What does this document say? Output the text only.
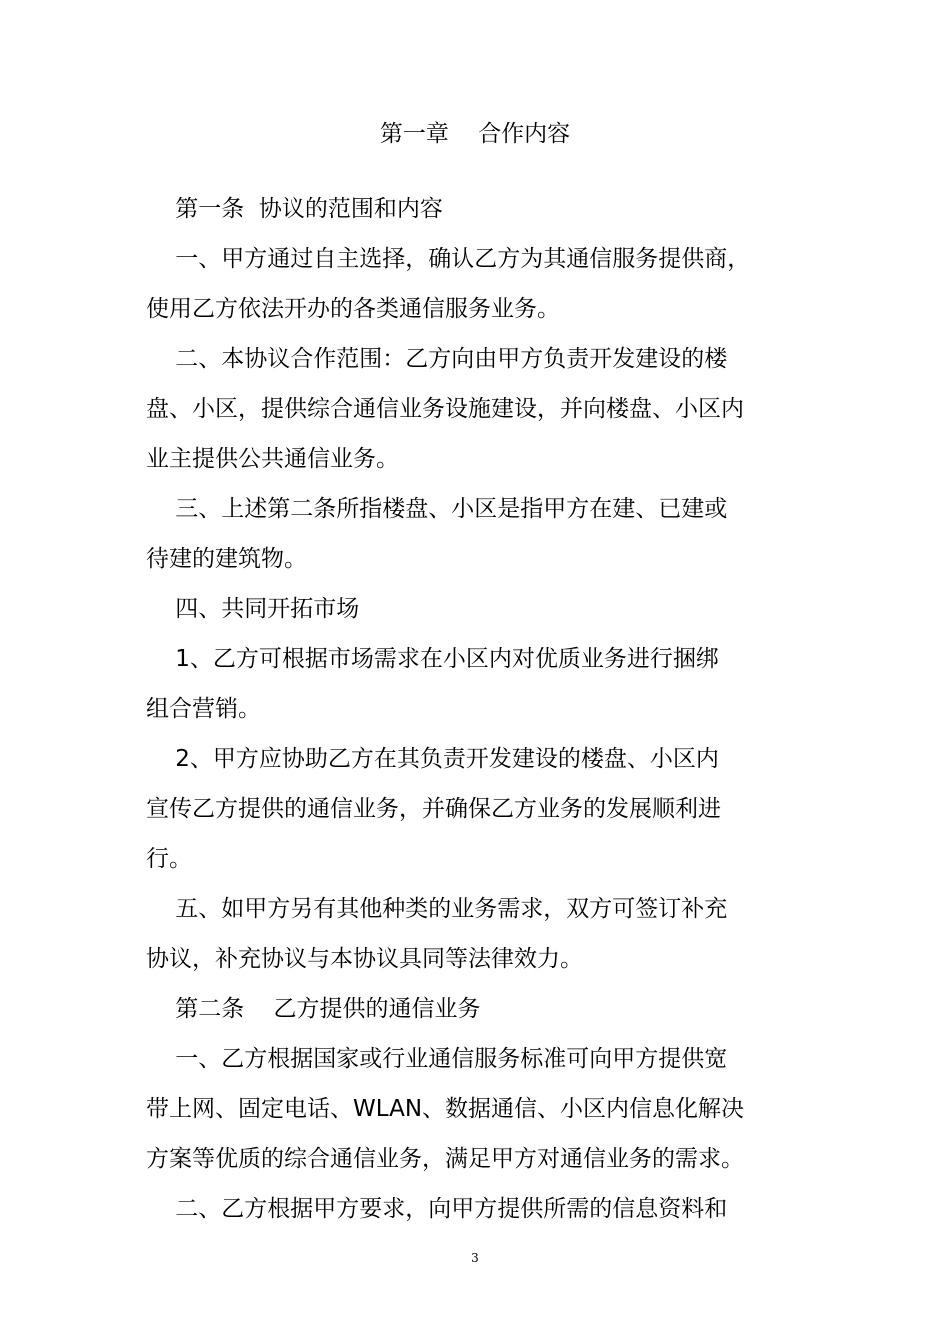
第一章    合作内容

第一条  协议的范围和内容

一、甲方通过自主选择，确认乙方为其通信服务提供商，

使用乙方依法开办的各类通信服务业务。

二、本协议合作范围：乙方向由甲方负责开发建设的楼

盘、小区，提供综合通信业务设施建设，并向楼盘、小区内

业主提供公共通信业务。

三、上述第二条所指楼盘、小区是指甲方在建、已建或

待建的建筑物。

四、共同开拓市场

1、乙方可根据市场需求在小区内对优质业务进行捆绑

组合营销。

2、甲方应协助乙方在其负责开发建设的楼盘、小区内

宣传乙方提供的通信业务，并确保乙方业务的发展顺利进

行。

五、如甲方另有其他种类的业务需求，双方可签订补充

协议，补充协议与本协议具同等法律效力。

第二条    乙方提供的通信业务

一、乙方根据国家或行业通信服务标准可向甲方提供宽

带上网、固定电话、WLAN、数据通信、小区内信息化解决

方案等优质的综合通信业务，满足甲方对通信业务的需求。

二、乙方根据甲方要求，向甲方提供所需的信息资料和

3
